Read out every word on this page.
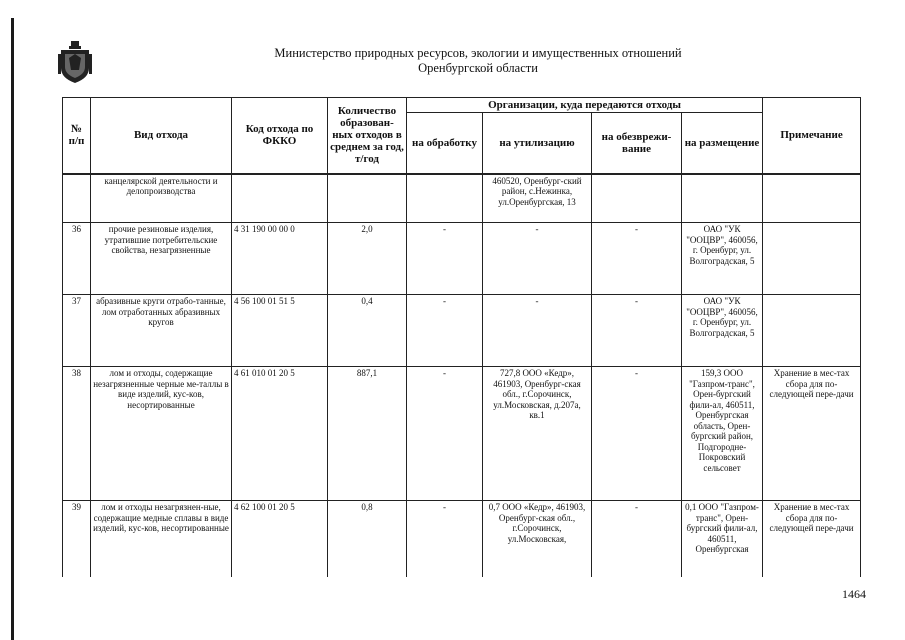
Министерство природных ресурсов, экологии и имущественных отношений
Оренбургской области
№ п/п	Вид отхода	Код отхода по ФККО	Количество образован-ных отходов в среднем за год, т/год	Организации, куда передаются отходы				Примечание
				на обработку	на утилизацию	на обезврежи-вание	на размещение	
	канцелярской деятельности и делопроизводства				460520, Оренбург-ский район, с.Нежинка, ул.Оренбургская, 13			
36	прочие резиновые изделия, утратившие потребительские свойства, незагрязненные	4 31 190 00 00 0	2,0	-	-	-	ОАО "УК "ООЦВР", 460056, г. Оренбург, ул. Волгоградская, 5	
37	абразивные круги отрабо-танные, лом отработанных абразивных кругов	4 56 100 01 51 5	0,4	-	-	-	ОАО "УК "ООЦВР", 460056, г. Оренбург, ул. Волгоградская, 5	
38	лом и отходы, содержащие незагрязненные черные ме-таллы в виде изделий, кус-ков, несортированные	4 61 010 01 20 5	887,1	-	727,8 ООО «Кедр», 461903, Оренбург-ская обл., г.Сорочинск, ул.Московская, д.207а, кв.1	-	159,3 ООО "Газпром-транс", Орен-бургский фили-ал, 460511, Оренбургская область, Орен-бургский район, Подгородне-Покровский сельсовет	Хранение в мес-тах сбора для по-следующей пере-дачи
39	лом и отходы незагрязнен-ные, содержащие медные сплавы в виде изделий, кус-ков, несортированные	4 62 100 01 20 5	0,8	-	0,7 ООО «Кедр», 461903, Оренбург-ская обл., г.Сорочинск, ул.Московская,	-	0,1 ООО "Газпром-транс", Орен-бургский фили-ал, 460511, Оренбургская	Хранение в мес-тах сбора для по-следующей пере-дачи
1464
